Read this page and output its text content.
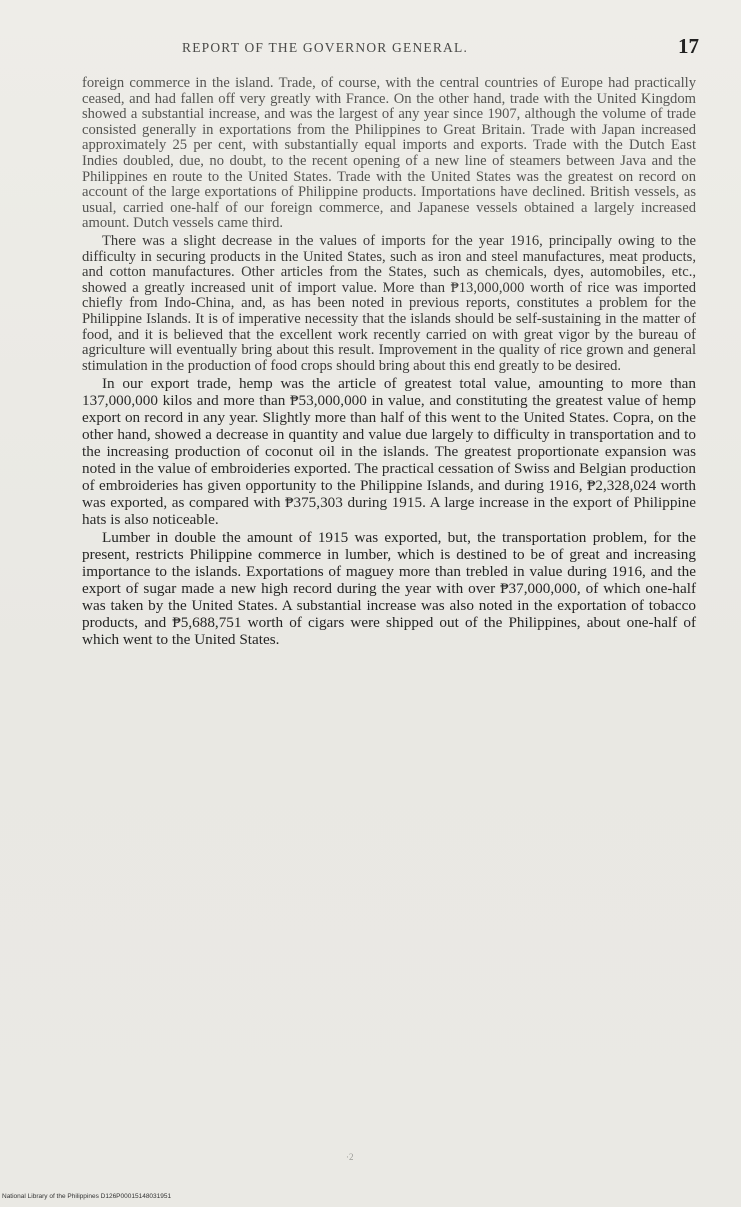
REPORT OF THE GOVERNOR GENERAL.	17

foreign commerce in the island. Trade, of course, with the central countries of Europe had practically ceased, and had fallen off very greatly with France. On the other hand, trade with the United Kingdom showed a substantial increase, and was the largest of any year since 1907, although the volume of trade consisted generally in exportations from the Philippines to Great Britain. Trade with Japan increased approximately 25 per cent, with substantially equal imports and exports. Trade with the Dutch East Indies doubled, due, no doubt, to the recent opening of a new line of steamers between Java and the Philippines en route to the United States. Trade with the United States was the greatest on record on account of the large exportations of Philippine products. Importations have declined. British vessels, as usual, carried one-half of our foreign commerce, and Japanese vessels obtained a largely increased amount. Dutch vessels came third.

There was a slight decrease in the values of imports for the year 1916, principally owing to the difficulty in securing products in the United States, such as iron and steel manufactures, meat products, and cotton manufactures. Other articles from the States, such as chemicals, dyes, automobiles, etc., showed a greatly increased unit of import value. More than ₱13,000,000 worth of rice was imported chiefly from Indo-China, and, as has been noted in previous reports, constitutes a problem for the Philippine Islands. It is of imperative necessity that the islands should be self-sustaining in the matter of food, and it is believed that the excellent work recently carried on with great vigor by the bureau of agriculture will eventually bring about this result. Improvement in the quality of rice grown and general stimulation in the production of food crops should bring about this end greatly to be desired.

In our export trade, hemp was the article of greatest total value, amounting to more than 137,000,000 kilos and more than ₱53,000,000 in value, and constituting the greatest value of hemp export on record in any year. Slightly more than half of this went to the United States. Copra, on the other hand, showed a decrease in quantity and value due largely to difficulty in transportation and to the increasing production of coconut oil in the islands. The greatest proportionate expansion was noted in the value of embroideries exported. The practical cessation of Swiss and Belgian production of embroideries has given opportunity to the Philippine Islands, and during 1916, ₱2,328,024 worth was exported, as compared with ₱375,303 during 1915. A large increase in the export of Philippine hats is also noticeable.

Lumber in double the amount of 1915 was exported, but, the transportation problem, for the present, restricts Philippine commerce in lumber, which is destined to be of great and increasing importance to the islands. Exportations of maguey more than trebled in value during 1916, and the export of sugar made a new high record during the year with over ₱37,000,000, of which one-half was taken by the United States. A substantial increase was also noted in the exportation of tobacco products, and ₱5,688,751 worth of cigars were shipped out of the Philippines, about one-half of which went to the United States.

·2
National Library of the Philippines D126P00015148031951
